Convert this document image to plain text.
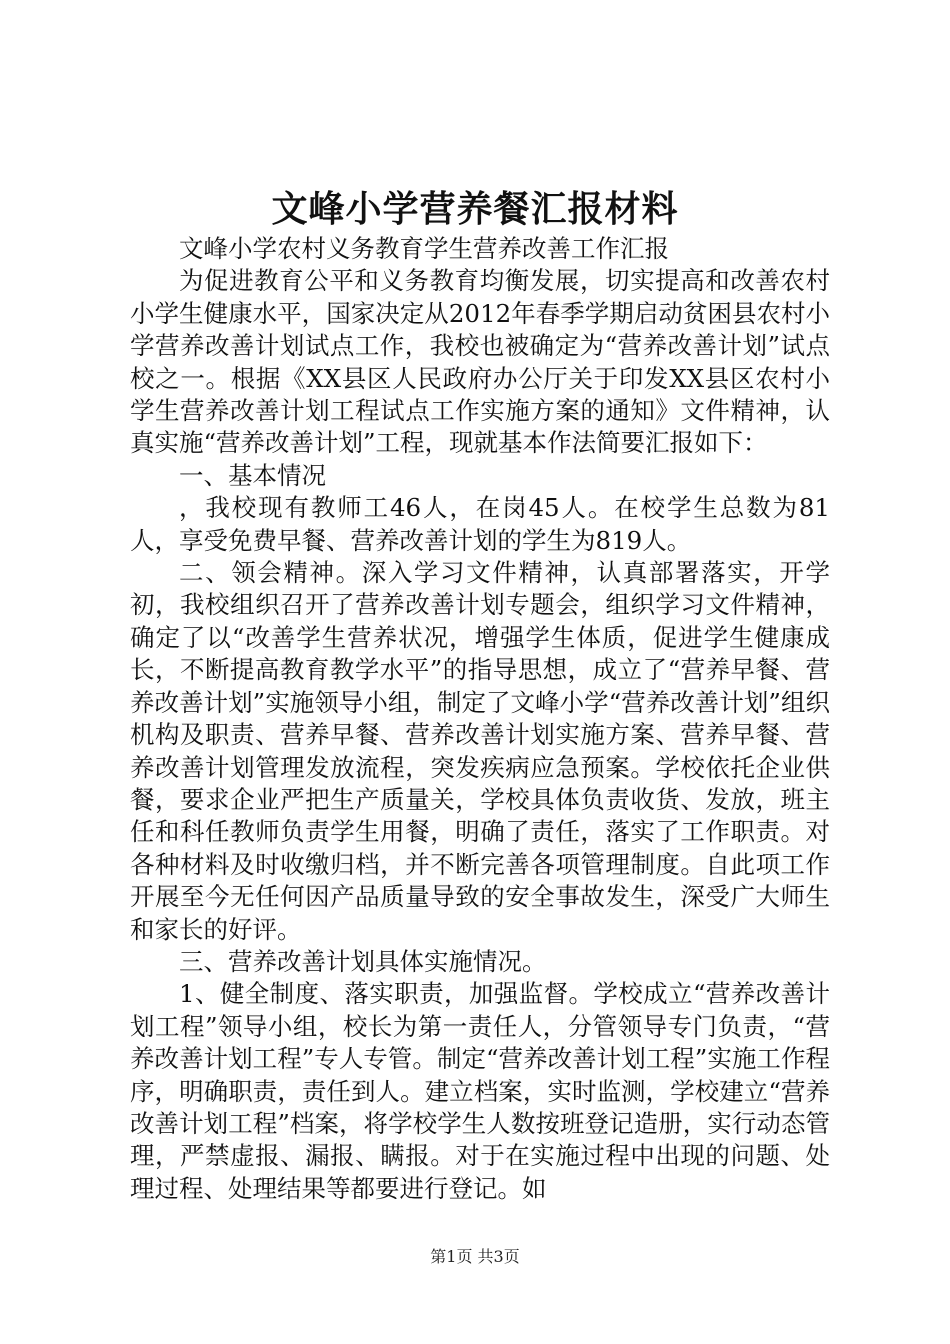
文峰小学营养餐汇报材料

文峰小学农村义务教育学生营养改善工作汇报

为促进教育公平和义务教育均衡发展，切实提高和改善农村小学生健康水平，国家决定从2012年春季学期启动贫困县农村小学营养改善计划试点工作，我校也被确定为“营养改善计划”试点校之一。根据《XX县区人民政府办公厅关于印发XX县区农村小学生营养改善计划工程试点工作实施方案的通知》文件精神，认真实施“营养改善计划”工程，现就基本作法简要汇报如下：

一、基本情况

，我校现有教师工46人，在岗45人。在校学生总数为81人，享受免费早餐、营养改善计划的学生为819人。

二、领会精神。深入学习文件精神，认真部署落实，开学初，我校组织召开了营养改善计划专题会，组织学习文件精神，确定了以“改善学生营养状况，增强学生体质，促进学生健康成长，不断提高教育教学水平”的指导思想，成立了“营养早餐、营养改善计划”实施领导小组，制定了文峰小学“营养改善计划”组织机构及职责、营养早餐、营养改善计划实施方案、营养早餐、营养改善计划管理发放流程，突发疾病应急预案。学校依托企业供餐，要求企业严把生产质量关，学校具体负责收货、发放，班主任和科任教师负责学生用餐，明确了责任，落实了工作职责。对各种材料及时收缴归档，并不断完善各项管理制度。自此项工作开展至今无任何因产品质量导致的安全事故发生，深受广大师生和家长的好评。

三、营养改善计划具体实施情况。

1、健全制度、落实职责，加强监督。学校成立“营养改善计划工程”领导小组，校长为第一责任人，分管领导专门负责，“营养改善计划工程”专人专管。制定“营养改善计划工程”实施工作程序，明确职责，责任到人。建立档案，实时监测，学校建立“营养改善计划工程”档案，将学校学生人数按班登记造册，实行动态管理，严禁虚报、漏报、瞒报。对于在实施过程中出现的问题、处理过程、处理结果等都要进行登记。如

第1页 共3页
